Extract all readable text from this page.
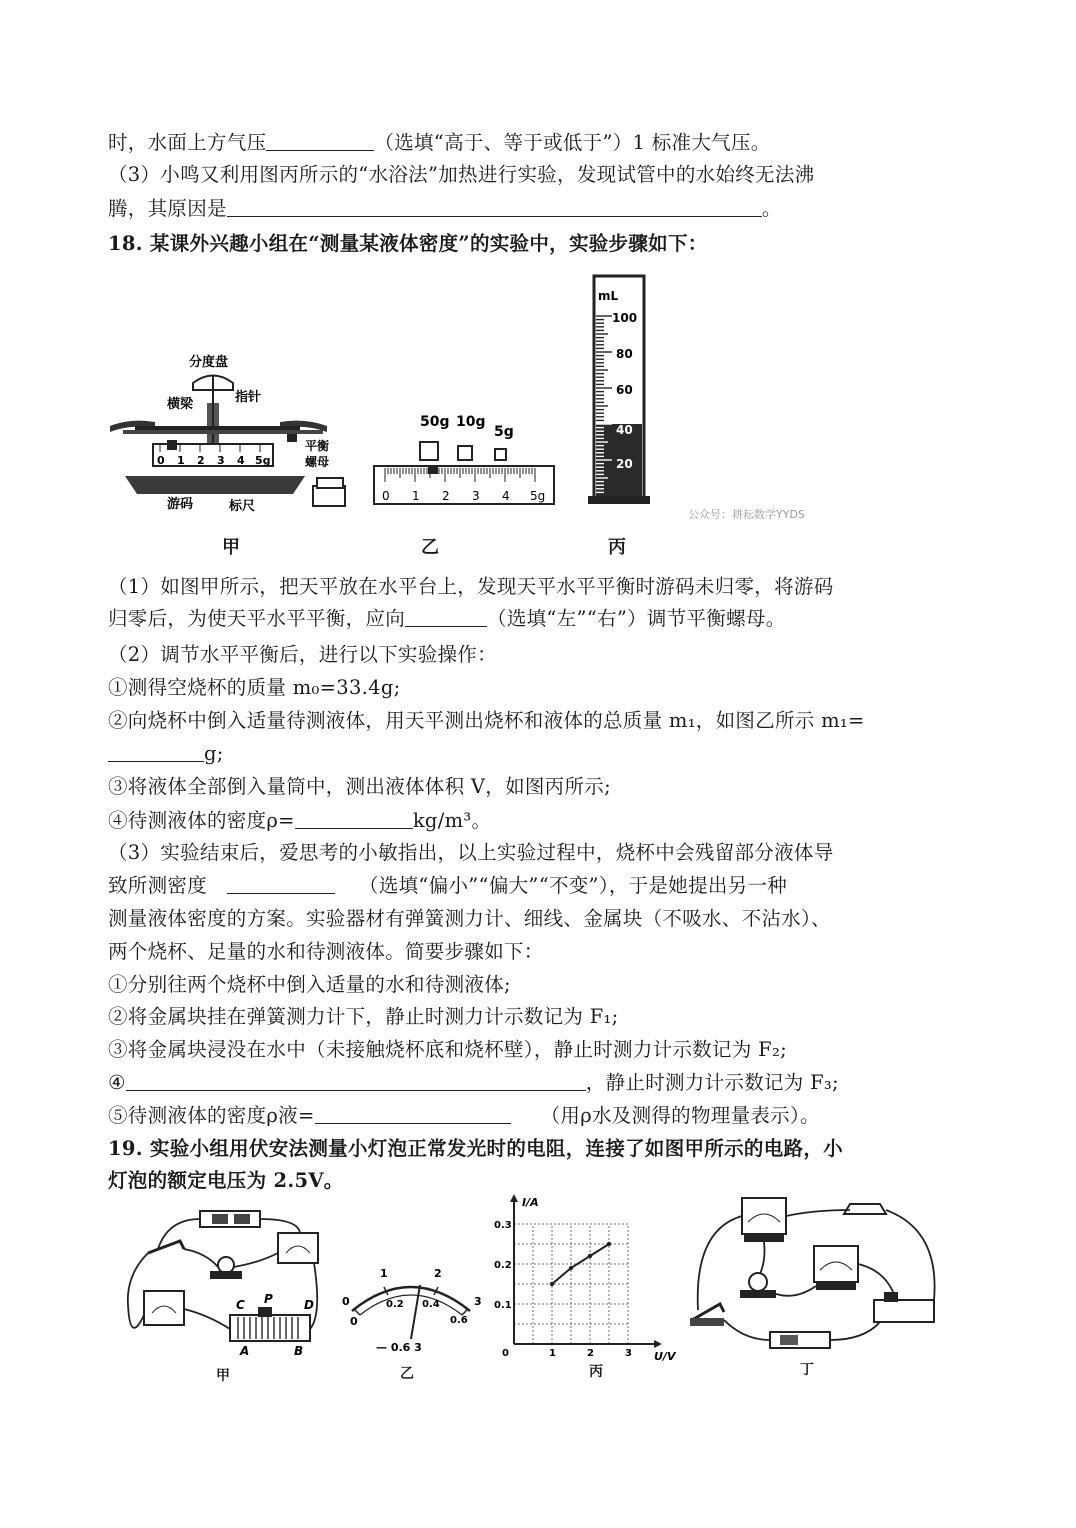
时，水面上方气压	（选填“高于、等于或低于”）1 标准大气压。
（3）小鸣又利用图丙所示的“水浴法”加热进行实验，发现试管中的水始终无法沸
腾，其原因是	。
18. 某课外兴趣小组在“测量某液体密度”的实验中，实验步骤如下：
0 1 2 3 4 5g
分度盘
横梁	指针
平衡
螺母
游码	标尺
50g 10g
5g
0 1 2 3 4 5g
mL
100
80
60
40
20
公众号：耕耘数学YYDS
甲	乙	丙
（1）如图甲所示，把天平放在水平台上，发现天平水平平衡时游码未归零，将游码
归零后，为使天平水平平衡，应向	（选填“左”“右”）调节平衡螺母。
（2）调节水平平衡后，进行以下实验操作：
①测得空烧杯的质量 m₀=33.4g;
②向烧杯中倒入适量待测液体，用天平测出烧杯和液体的总质量 m₁，如图乙所示 m₁=
g;
③将液体全部倒入量筒中，测出液体体积 V，如图丙所示;
④待测液体的密度ρ=	kg/m³。
（3）实验结束后，爱思考的小敏指出，以上实验过程中，烧杯中会残留部分液体导
致所测密度	（选填“偏小”“偏大”“不变”），于是她提出另一种
测量液体密度的方案。实验器材有弹簧测力计、细线、金属块（不吸水、不沾水）、
两个烧杯、足量的水和待测液体。简要步骤如下：
①分别往两个烧杯中倒入适量的水和待测液体;
②将金属块挂在弹簧测力计下，静止时测力计示数记为 F₁;
③将金属块浸没在水中（未接触烧杯底和烧杯壁），静止时测力计示数记为 F₂;
④	，静止时测力计示数记为 F₃;
⑤待测液体的密度ρ液=	（用ρ水及测得的物理量表示）。
19. 实验小组用伏安法测量小灯泡正常发光时的电阻，连接了如图甲所示的电路，小
灯泡的额定电压为 2.5V。
C P	D
A	B
甲
0
1	2
3
0.2 0.4
0.6
0
— 0.6 3
乙
I/A
U/V
0.3
0.2
0.1
0	1	2	3
丙	丁
